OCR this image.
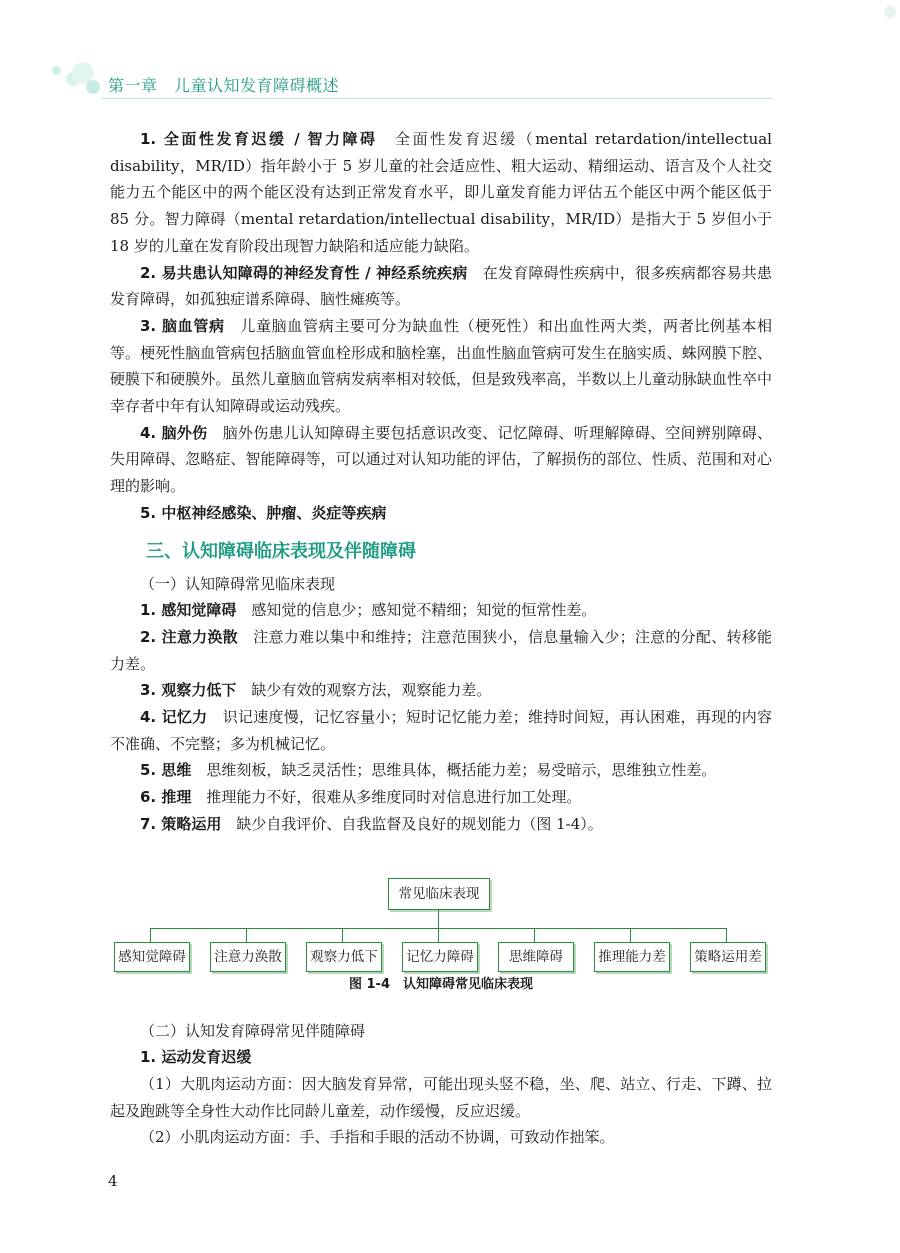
第一章　儿童认知发育障碍概述

1. 全面性发育迟缓 / 智力障碍　全面性发育迟缓（mental retardation/intellectual disability，MR/ID）指年龄小于 5 岁儿童的社会适应性、粗大运动、精细运动、语言及个人社交能力五个能区中的两个能区没有达到正常发育水平，即儿童发育能力评估五个能区中两个能区低于 85 分。智力障碍（mental retardation/intellectual disability，MR/ID）是指大于 5 岁但小于 18 岁的儿童在发育阶段出现智力缺陷和适应能力缺陷。

2. 易共患认知障碍的神经发育性 / 神经系统疾病　在发育障碍性疾病中，很多疾病都容易共患发育障碍，如孤独症谱系障碍、脑性瘫痪等。

3. 脑血管病　儿童脑血管病主要可分为缺血性（梗死性）和出血性两大类，两者比例基本相等。梗死性脑血管病包括脑血管血栓形成和脑栓塞，出血性脑血管病可发生在脑实质、蛛网膜下腔、硬膜下和硬膜外。虽然儿童脑血管病发病率相对较低，但是致残率高，半数以上儿童动脉缺血性卒中幸存者中年有认知障碍或运动残疾。

4. 脑外伤　脑外伤患儿认知障碍主要包括意识改变、记忆障碍、听理解障碍、空间辨别障碍、失用障碍、忽略症、智能障碍等，可以通过对认知功能的评估，了解损伤的部位、性质、范围和对心理的影响。

5. 中枢神经感染、肿瘤、炎症等疾病

三、认知障碍临床表现及伴随障碍

（一）认知障碍常见临床表现

1. 感知觉障碍　感知觉的信息少；感知觉不精细；知觉的恒常性差。

2. 注意力涣散　注意力难以集中和维持；注意范围狭小，信息量输入少；注意的分配、转移能力差。

3. 观察力低下　缺少有效的观察方法，观察能力差。

4. 记忆力　识记速度慢，记忆容量小；短时记忆能力差；维持时间短，再认困难，再现的内容不准确、不完整；多为机械记忆。

5. 思维　思维刻板，缺乏灵活性；思维具体，概括能力差；易受暗示，思维独立性差。

6. 推理　推理能力不好，很难从多维度同时对信息进行加工处理。

7. 策略运用　缺少自我评价、自我监督及良好的规划能力（图 1-4）。

常见临床表现
感知觉障碍	注意力涣散	观察力低下	记忆力障碍	思维障碍	推理能力差	策略运用差
图 1-4　认知障碍常见临床表现

（二）认知发育障碍常见伴随障碍

1. 运动发育迟缓

（1）大肌肉运动方面：因大脑发育异常，可能出现头竖不稳，坐、爬、站立、行走、下蹲、拉起及跑跳等全身性大动作比同龄儿童差，动作缓慢，反应迟缓。

（2）小肌肉运动方面：手、手指和手眼的活动不协调，可致动作拙笨。

4
